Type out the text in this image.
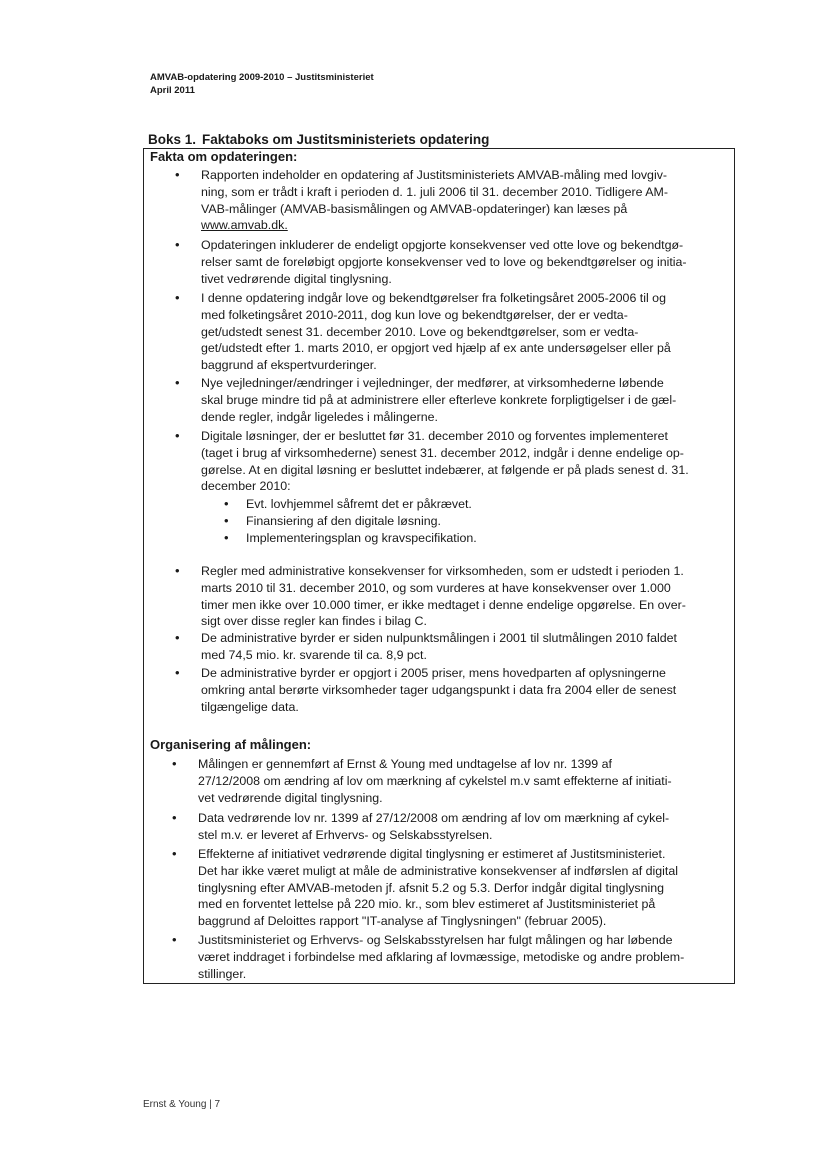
AMVAB-opdatering 2009-2010 – Justitsministeriet
April 2011
Boks 1. Faktaboks om Justitsministeriets opdatering
Fakta om opdateringen:
Organisering af målingen:
• Rapporten indeholder en opdatering af Justitsministeriets AMVAB-måling med lovgiv-
ning, som er trådt i kraft i perioden d. 1. juli 2006 til 31. december 2010. Tidligere AM-
VAB-målinger (AMVAB-basismålingen og AMVAB-opdateringer) kan læses på
www.amvab.dk.
• Opdateringen inkluderer de endeligt opgjorte konsekvenser ved otte love og bekendtgø-
relser samt de foreløbigt opgjorte konsekvenser ved to love og bekendtgørelser og initia-
tivet vedrørende digital tinglysning.
• I denne opdatering indgår love og bekendtgørelser fra folketingsåret 2005-2006 til og
med folketingsåret 2010-2011, dog kun love og bekendtgørelser, der er vedta-
get/udstedt senest 31. december 2010. Love og bekendtgørelser, som er vedta-
get/udstedt efter 1. marts 2010, er opgjort ved hjælp af ex ante undersøgelser eller på
baggrund af ekspertvurderinger.
• Nye vejledninger/ændringer i vejledninger, der medfører, at virksomhederne løbende
skal bruge mindre tid på at administrere eller efterleve konkrete forpligtigelser i de gæl-
dende regler, indgår ligeledes i målingerne.
• Digitale løsninger, der er besluttet før 31. december 2010 og forventes implementeret
(taget i brug af virksomhederne) senest 31. december 2012, indgår i denne endelige op-
gørelse. At en digital løsning er besluttet indebærer, at følgende er på plads senest d. 31.
december 2010:
• Regler med administrative konsekvenser for virksomheden, som er udstedt i perioden 1.
marts 2010 til 31. december 2010, og som vurderes at have konsekvenser over 1.000
timer men ikke over 10.000 timer, er ikke medtaget i denne endelige opgørelse. En over-
sigt over disse regler kan findes i bilag C.
• De administrative byrder er siden nulpunktsmålingen i 2001 til slutmålingen 2010 faldet
med 74,5 mio. kr. svarende til ca. 8,9 pct.
• De administrative byrder er opgjort i 2005 priser, mens hovedparten af oplysningerne
omkring antal berørte virksomheder tager udgangspunkt i data fra 2004 eller de senest
tilgængelige data.
• Evt. lovhjemmel såfremt det er påkrævet.
• Finansiering af den digitale løsning.
• Implementeringsplan og kravspecifikation.
• Målingen er gennemført af Ernst & Young med undtagelse af lov nr. 1399 af
27/12/2008 om ændring af lov om mærkning af cykelstel m.v samt effekterne af initiati-
vet vedrørende digital tinglysning.
• Data vedrørende lov nr. 1399 af 27/12/2008 om ændring af lov om mærkning af cykel-
stel m.v. er leveret af Erhvervs- og Selskabsstyrelsen.
• Effekterne af initiativet vedrørende digital tinglysning er estimeret af Justitsministeriet.
Det har ikke været muligt at måle de administrative konsekvenser af indførslen af digital
tinglysning efter AMVAB-metoden jf. afsnit 5.2 og 5.3. Derfor indgår digital tinglysning
med en forventet lettelse på 220 mio. kr., som blev estimeret af Justitsministeriet på
baggrund af Deloittes rapport "IT-analyse af Tinglysningen" (februar 2005).
• Justitsministeriet og Erhvervs- og Selskabsstyrelsen har fulgt målingen og har løbende
været inddraget i forbindelse med afklaring af lovmæssige, metodiske og andre problem-
stillinger.
Ernst & Young | 7
